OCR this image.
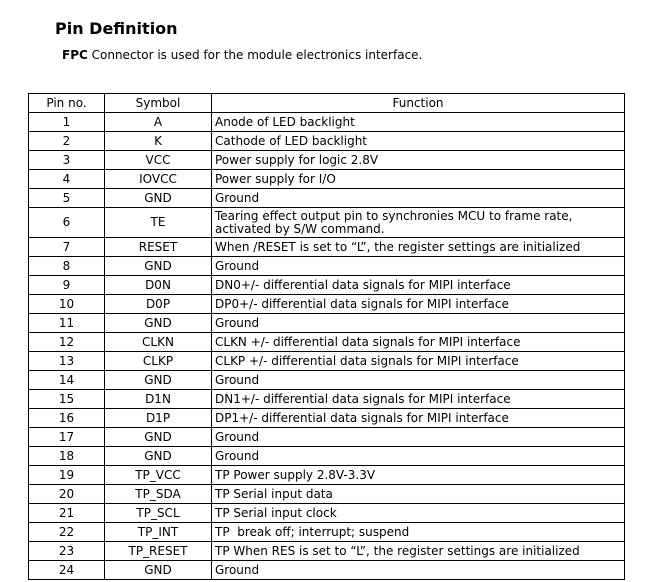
Pin Definition
FPC Connector is used for the module electronics interface.
Pin no.	Symbol	Function
1	A	Anode of LED backlight
2	K	Cathode of LED backlight
3	VCC	Power supply for logic 2.8V
4	IOVCC	Power supply for I/O
5	GND	Ground
6	TE	Tearing effect output pin to synchronies MCU to frame rate, activated by S/W command.
7	RESET	When /RESET is set to “L”, the register settings are initialized
8	GND	Ground
9	D0N	DN0+/- differential data signals for MIPI interface
10	D0P	DP0+/- differential data signals for MIPI interface
11	GND	Ground
12	CLKN	CLKN +/- differential data signals for MIPI interface
13	CLKP	CLKP +/- differential data signals for MIPI interface
14	GND	Ground
15	D1N	DN1+/- differential data signals for MIPI interface
16	D1P	DP1+/- differential data signals for MIPI interface
17	GND	Ground
18	GND	Ground
19	TP_VCC	TP Power supply 2.8V-3.3V
20	TP_SDA	TP Serial input data
21	TP_SCL	TP Serial input clock
22	TP_INT	TP  break off; interrupt; suspend
23	TP_RESET	TP When RES is set to “L”, the register settings are initialized
24	GND	Ground
